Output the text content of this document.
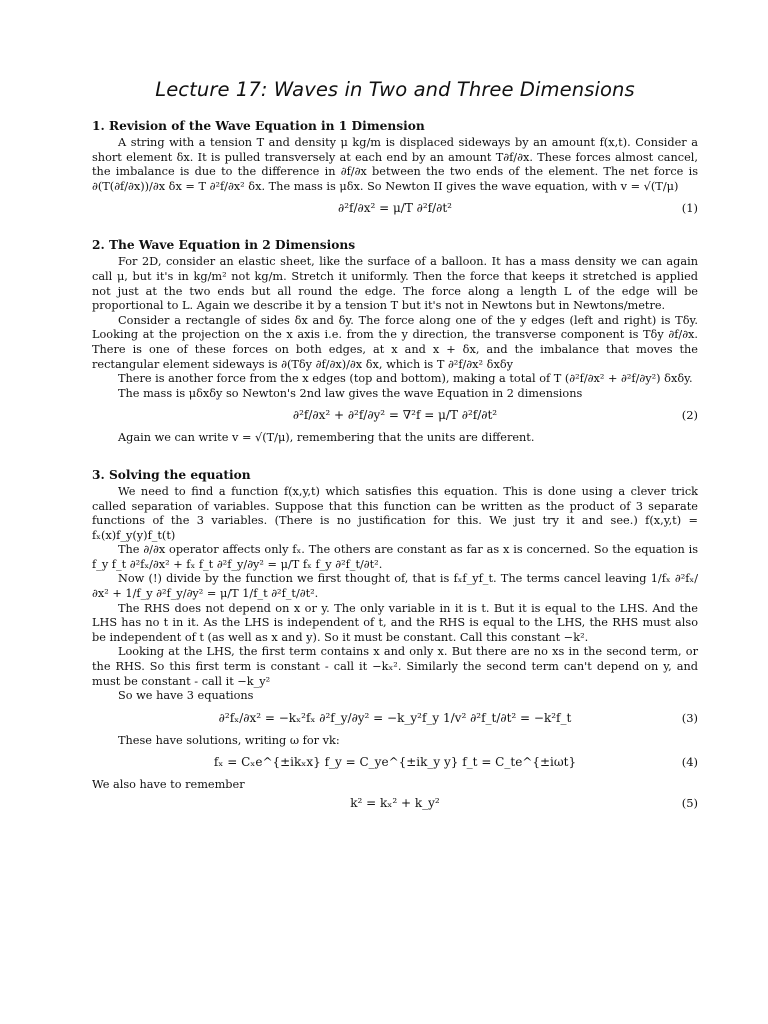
Lecture 17: Waves in Two and Three Dimensions
1. Revision of the Wave Equation in 1 Dimension

A string with a tension T and density μ kg/m is displaced sideways by an amount f(x,t). Consider a short element δx. It is pulled transversely at each end by an amount T∂f/∂x. These forces almost cancel, the imbalance is due to the difference in ∂f/∂x between the two ends of the element. The net force is ∂(T(∂f/∂x))/∂x δx = T ∂²f/∂x² δx. The mass is μδx. So Newton II gives the wave equation, with v = √(T/μ)

∂²f/∂x² = μ/T ∂²f/∂t²	(1)
2. The Wave Equation in 2 Dimensions

For 2D, consider an elastic sheet, like the surface of a balloon. It has a mass density we can again call μ, but it's in kg/m² not kg/m. Stretch it uniformly. Then the force that keeps it stretched is applied not just at the two ends but all round the edge. The force along a length L of the edge will be proportional to L. Again we describe it by a tension T but it's not in Newtons but in Newtons/metre.

Consider a rectangle of sides δx and δy. The force along one of the y edges (left and right) is Tδy. Looking at the projection on the x axis i.e. from the y direction, the transverse component is Tδy ∂f/∂x. There is one of these forces on both edges, at x and x + δx, and the imbalance that moves the rectangular element sideways is ∂(Tδy ∂f/∂x)/∂x δx, which is T ∂²f/∂x² δxδy

There is another force from the x edges (top and bottom), making a total of T (∂²f/∂x² + ∂²f/∂y²) δxδy.

The mass is μδxδy so Newton's 2nd law gives the wave Equation in 2 dimensions

∂²f/∂x² + ∂²f/∂y² = ∇²f = μ/T ∂²f/∂t²	(2)

Again we can write v = √(T/μ), remembering that the units are different.

3. Solving the equation

We need to find a function f(x,y,t) which satisfies this equation. This is done using a clever trick called separation of variables. Suppose that this function can be written as the product of 3 separate functions of the 3 variables. (There is no justification for this. We just try it and see.) f(x,y,t) = fₓ(x)f_y(y)f_t(t)

The ∂/∂x operator affects only fₓ. The others are constant as far as x is concerned. So the equation is f_y f_t ∂²fₓ/∂x² + fₓ f_t ∂²f_y/∂y² = μ/T fₓ f_y ∂²f_t/∂t².

Now (!) divide by the function we first thought of, that is fₓf_yf_t. The terms cancel leaving 1/fₓ ∂²fₓ/∂x² + 1/f_y ∂²f_y/∂y² = μ/T 1/f_t ∂²f_t/∂t².

The RHS does not depend on x or y. The only variable in it is t. But it is equal to the LHS. And the LHS has no t in it. As the LHS is independent of t, and the RHS is equal to the LHS, the RHS must also be independent of t (as well as x and y). So it must be constant. Call this constant −k².

Looking at the LHS, the first term contains x and only x. But there are no xs in the second term, or the RHS. So this first term is constant - call it −kₓ². Similarly the second term can't depend on y, and must be constant - call it −k_y²

So we have 3 equations

∂²fₓ/∂x² = −kₓ²fₓ ∂²f_y/∂y² = −k_y²f_y 1/v² ∂²f_t/∂t² = −k²f_t	(3)

These have solutions, writing ω for vk:

fₓ = Cₓe^{±ikₓx} f_y = C_ye^{±ik_y y} f_t = C_te^{±iωt}	(4)

We also have to remember

k² = kₓ² + k_y²	(5)
